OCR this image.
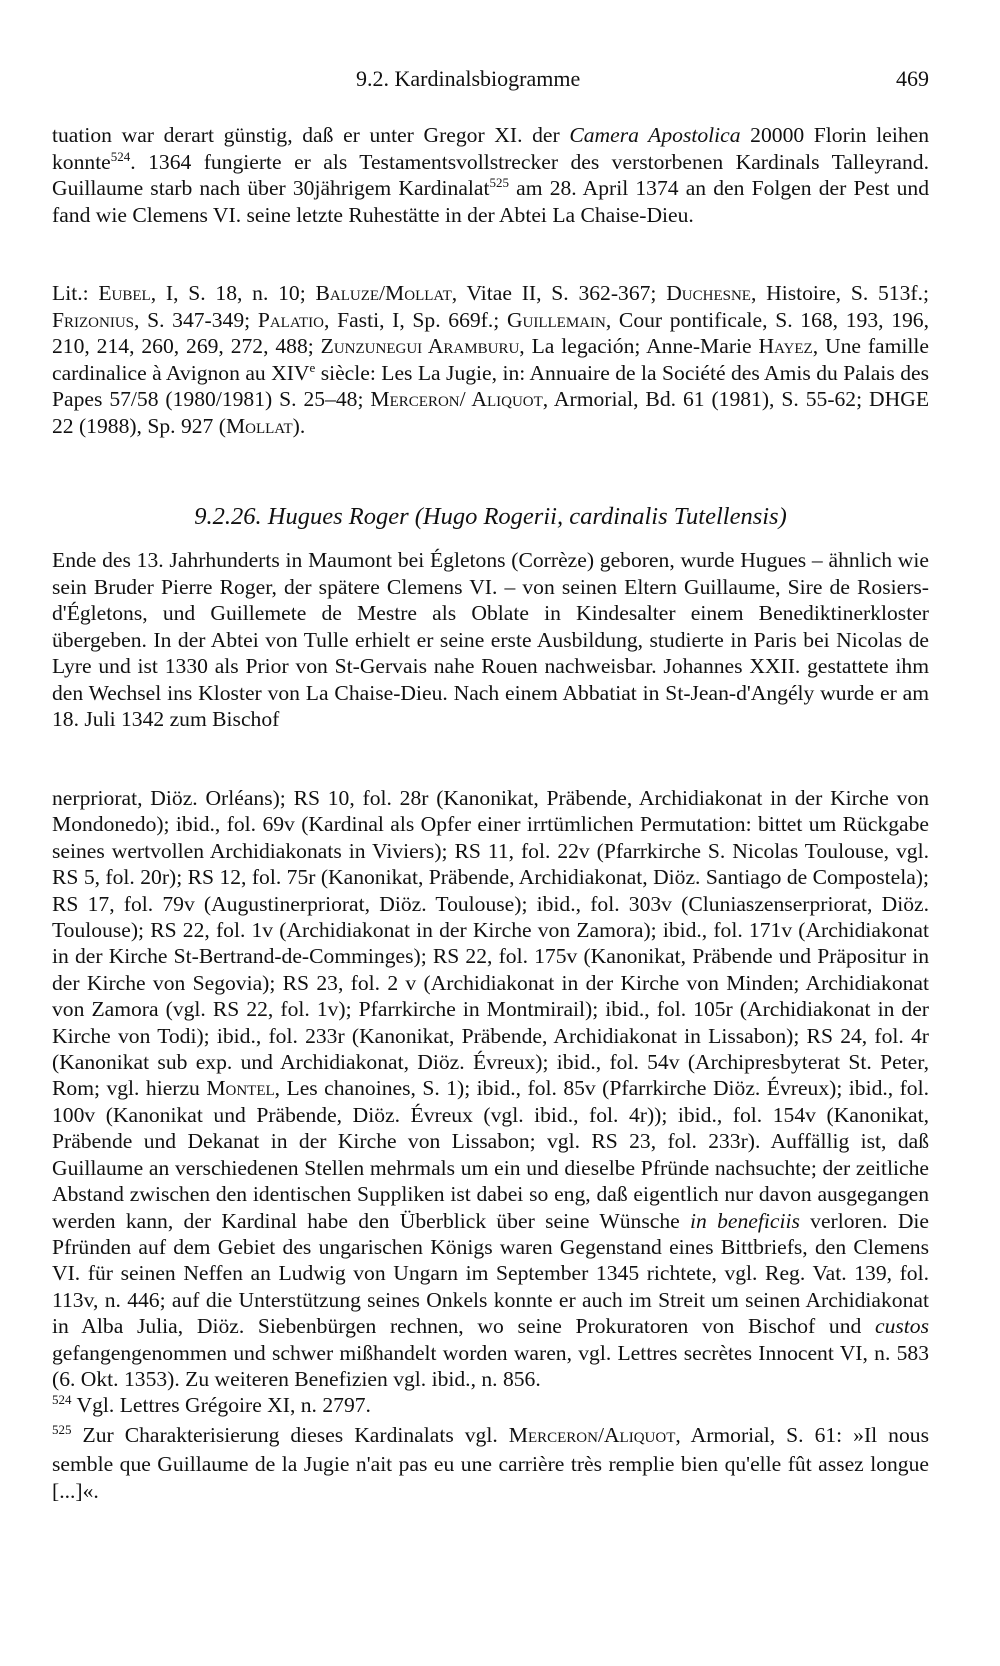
9.2. Kardinalsbiogramme	469

tuation war derart günstig, daß er unter Gregor XI. der Camera Apostolica 20000 Florin leihen konnte$^{524}$. 1364 fungierte er als Testamentsvollstrecker des verstorbenen Kardinals Talleyrand. Guillaume starb nach über 30jährigem Kardinalat$^{525}$ am 28. April 1374 an den Folgen der Pest und fand wie Clemens VI. seine letzte Ruhestätte in der Abtei La Chaise-Dieu.

Lit.: Eubel, I, S. 18, n. 10; Baluze/Mollat, Vitae II, S. 362-367; Duchesne, Histoire, S. 513f.; Frizonius, S. 347-349; Palatio, Fasti, I, Sp. 669f.; Guillemain, Cour pontificale, S. 168, 193, 196, 210, 214, 260, 269, 272, 488; Zunzunegui Aramburu, La legación; Anne-Marie Hayez, Une famille cardinalice à Avignon au XIVe siècle: Les La Jugie, in: Annuaire de la Société des Amis du Palais des Papes 57/58 (1980/1981) S. 25–48; Merceron/ Aliquot, Armorial, Bd. 61 (1981), S. 55-62; DHGE 22 (1988), Sp. 927 (Mollat).

9.2.26. Hugues Roger (Hugo Rogerii, cardinalis Tutellensis)

Ende des 13. Jahrhunderts in Maumont bei Égletons (Corrèze) geboren, wurde Hugues – ähnlich wie sein Bruder Pierre Roger, der spätere Clemens VI. – von seinen Eltern Guillaume, Sire de Rosiers-d'Égletons, und Guillemete de Mestre als Oblate in Kindesalter einem Benediktinerkloster übergeben. In der Abtei von Tulle erhielt er seine erste Ausbildung, studierte in Paris bei Nicolas de Lyre und ist 1330 als Prior von St-Gervais nahe Rouen nachweisbar. Johannes XXII. gestattete ihm den Wechsel ins Kloster von La Chaise-Dieu. Nach einem Abbatiat in St-Jean-d'Angély wurde er am 18. Juli 1342 zum Bischof

nerpriorat, Diöz. Orléans); RS 10, fol. 28r (Kanonikat, Präbende, Archidiakonat in der Kirche von Mondonedo); ibid., fol. 69v (Kardinal als Opfer einer irrtümlichen Permutation: bittet um Rückgabe seines wertvollen Archidiakonats in Viviers); RS 11, fol. 22v (Pfarrkirche S. Nicolas Toulouse, vgl. RS 5, fol. 20r); RS 12, fol. 75r (Kanonikat, Präbende, Archidiakonat, Diöz. Santiago de Compostela); RS 17, fol. 79v (Augustinerpriorat, Diöz. Toulouse); ibid., fol. 303v (Cluniaszenserpriorat, Diöz. Toulouse); RS 22, fol. 1v (Archidiakonat in der Kirche von Zamora); ibid., fol. 171v (Archidiakonat in der Kirche St-Bertrand-de-Comminges); RS 22, fol. 175v (Kanonikat, Präbende und Präpositur in der Kirche von Segovia); RS 23, fol. 2 v (Archidiakonat in der Kirche von Minden; Archidiakonat von Zamora (vgl. RS 22, fol. 1v); Pfarrkirche in Montmirail); ibid., fol. 105r (Archidiakonat in der Kirche von Todi); ibid., fol. 233r (Kanonikat, Präbende, Archidiakonat in Lissabon); RS 24, fol. 4r (Kanonikat sub exp. und Archidiakonat, Diöz. Évreux); ibid., fol. 54v (Archipresbyterat St. Peter, Rom; vgl. hierzu Montel, Les chanoines, S. 1); ibid., fol. 85v (Pfarrkirche Diöz. Évreux); ibid., fol. 100v (Kanonikat und Präbende, Diöz. Évreux (vgl. ibid., fol. 4r)); ibid., fol. 154v (Kanonikat, Präbende und Dekanat in der Kirche von Lissabon; vgl. RS 23, fol. 233r). Auffällig ist, daß Guillaume an verschiedenen Stellen mehrmals um ein und dieselbe Pfründe nachsuchte; der zeitliche Abstand zwischen den identischen Suppliken ist dabei so eng, daß eigentlich nur davon ausgegangen werden kann, der Kardinal habe den Überblick über seine Wünsche in beneficiis verloren. Die Pfründen auf dem Gebiet des ungarischen Königs waren Gegenstand eines Bittbriefs, den Clemens VI. für seinen Neffen an Ludwig von Ungarn im September 1345 richtete, vgl. Reg. Vat. 139, fol. 113v, n. 446; auf die Unterstützung seines Onkels konnte er auch im Streit um seinen Archidiakonat in Alba Julia, Diöz. Siebenbürgen rechnen, wo seine Prokuratoren von Bischof und custos gefangengenommen und schwer mißhandelt worden waren, vgl. Lettres secrètes Innocent VI, n. 583 (6. Okt. 1353). Zu weiteren Benefizien vgl. ibid., n. 856.

$^{524}$ Vgl. Lettres Grégoire XI, n. 2797.

$^{525}$ Zur Charakterisierung dieses Kardinalats vgl. Merceron/Aliquot, Armorial, S. 61: »Il nous semble que Guillaume de la Jugie n'ait pas eu une carrière très remplie bien qu'elle fût assez longue [...]«.
